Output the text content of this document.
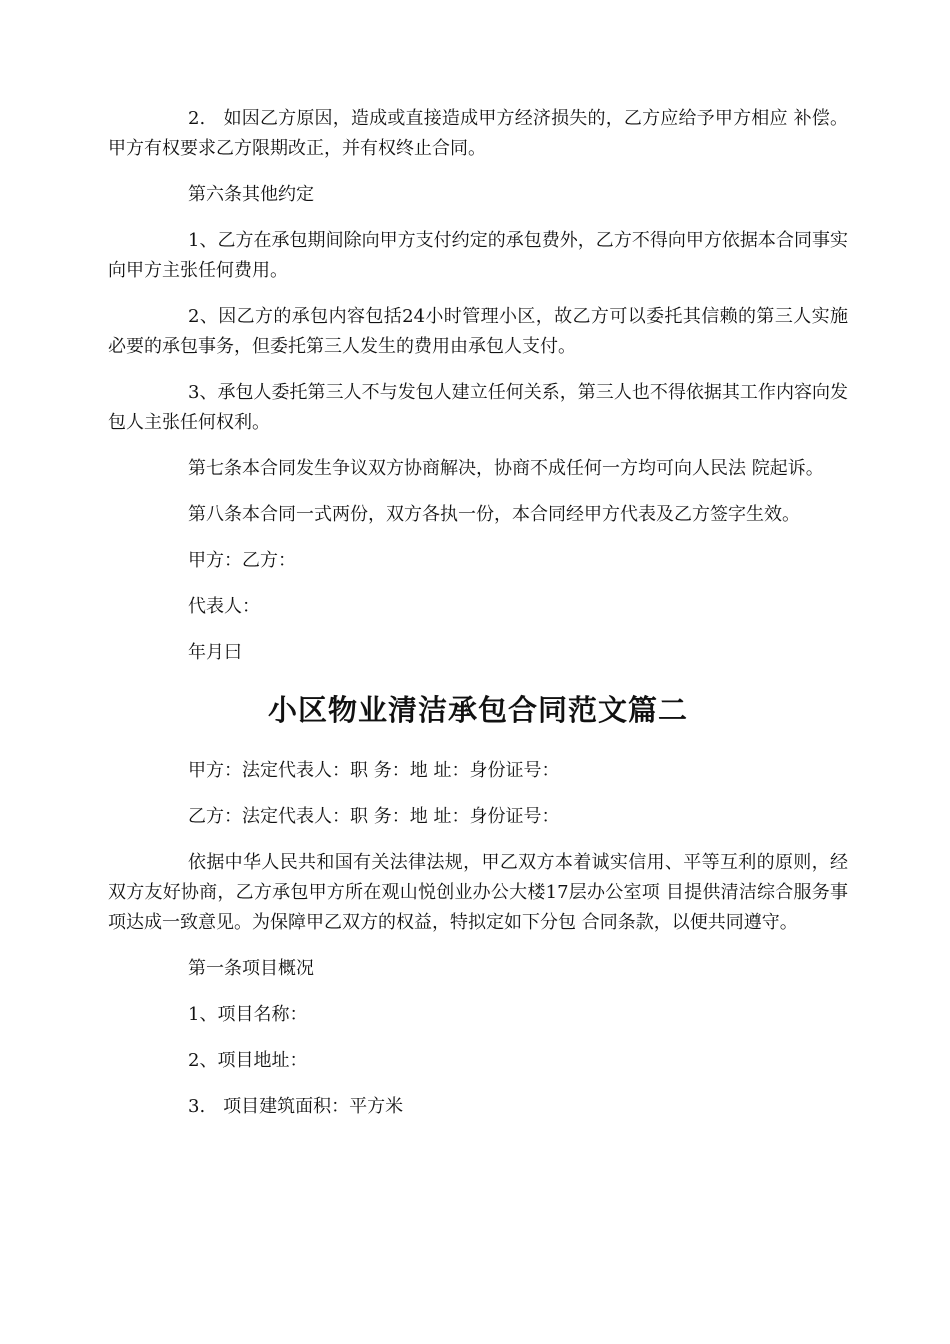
2.　如因乙方原因，造成或直接造成甲方经济损失的，乙方应给予甲方相应 补偿。甲方有权要求乙方限期改正，并有权终止合同。

第六条其他约定

1、乙方在承包期间除向甲方支付约定的承包费外，乙方不得向甲方依据本合同事实向甲方主张任何费用。

2、因乙方的承包内容包括24小时管理小区，故乙方可以委托其信赖的第三人实施必要的承包事务，但委托第三人发生的费用由承包人支付。

3、承包人委托第三人不与发包人建立任何关系，第三人也不得依据其工作内容向发包人主张任何权利。

第七条本合同发生争议双方协商解决，协商不成任何一方均可向人民法 院起诉。

第八条本合同一式两份，双方各执一份，本合同经甲方代表及乙方签字生效。

甲方：乙方：

代表人：

年月曰

小区物业清洁承包合同范文篇二

甲方：法定代表人：职 务：地 址：身份证号：

乙方：法定代表人：职 务：地 址：身份证号：

依据中华人民共和国有关法律法规，甲乙双方本着诚实信用、平等互利的原则，经双方友好协商，乙方承包甲方所在观山悦创业办公大楼17层办公室项 目提供清洁综合服务事项达成一致意见。为保障甲乙双方的权益，特拟定如下分包 合同条款，以便共同遵守。

第一条项目概况

1、项目名称：

2、项目地址：

3.　项目建筑面积：平方米
